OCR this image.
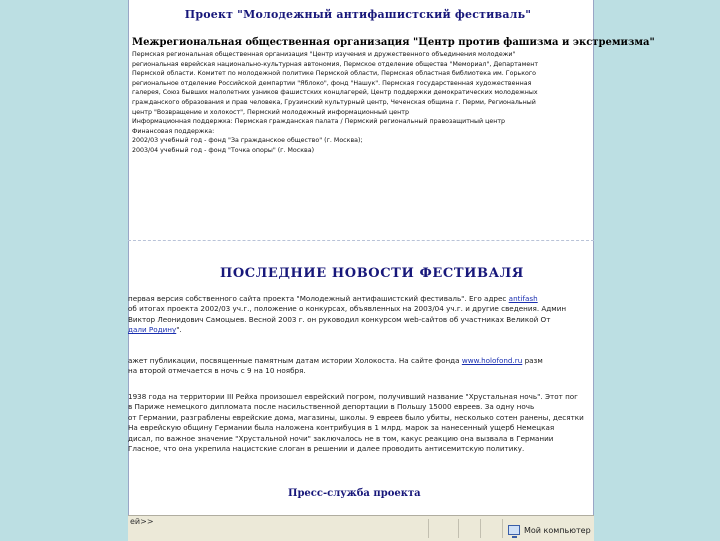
Проект "Молодежный антифашистский фестиваль"
Межрегиональная общественная организация "Центр против фашизма и экстремизма"
Пермская региональная общественная организация "Центр изучения и дружественного объединения молодежи"
региональная еврейская национально-культурная автономия, Пермское отделение общества "Мемориал", Департамент
Пермской области. Комитет по молодежной политике Пермской области, Пермская областная библиотека им. Горького
региональное отделение Российской демпартии "Яблоко", фонд "Нашук". Пермская государственная художественная
галерея, Союз бывших малолетних узников фашистских концлагерей, Центр поддержки демократических молодежных
гражданского образования и прав человека, Грузинский культурный центр, Чеченская община г. Перми, Региональный
центр "Возвращение и холокост", Пермский молодежный информационный центр
Информационная поддержка: Пермская гражданская палата / Пермский региональный правозащитный центр
Финансовая поддержка:
2002/03 учебный год - фонд "За гражданское общество" (г. Москва);
2003/04 учебный год - фонд "Точка опоры" (г. Москва)
ПОСЛЕДНИЕ НОВОСТИ ФЕСТИВАЛЯ
первая версия собственного сайта проекта "Молодежный антифашистский фестиваль". Его адрес antifash
об итогах проекта 2002/03 уч.г., положение о конкурсах, объявленных на 2003/04 уч.г. и другие сведения. Админ
Виктор Леонидович Самоцыев. Весной 2003 г. он руководил конкурсом web-сайтов об участниках Великой От
дали Родину".
ажет публикации, посвященные памятным датам истории Холокоста. На сайте фонда www.holofond.ru разм
на второй отмечается в ночь с 9 на 10 ноября.
1938 года на территории III Рейха произошел еврейский погром, получивший название "Хрустальная ночь". Этот пог
в Париже немецкого дипломата после насильственной депортации в Польшу 15000 евреев. За одну ночь
от Германии, разграблены еврейские дома, магазины, школы. 9 евреев было убиты, несколько сотен ранены, десятки
На еврейскую общину Германии была наложена контрибуция в 1 млрд. марок за нанесенный ущерб Немецкая
дисал, по важное значение "Хрустальной ночи" заключалось не в том, какус реакцию она вызвала в Германии
Гласное, что она укрепила нацистские слоган в решении и далее проводить антисемитскую политику.
Пресс-служба проекта
ей>>
Мой компьютер
